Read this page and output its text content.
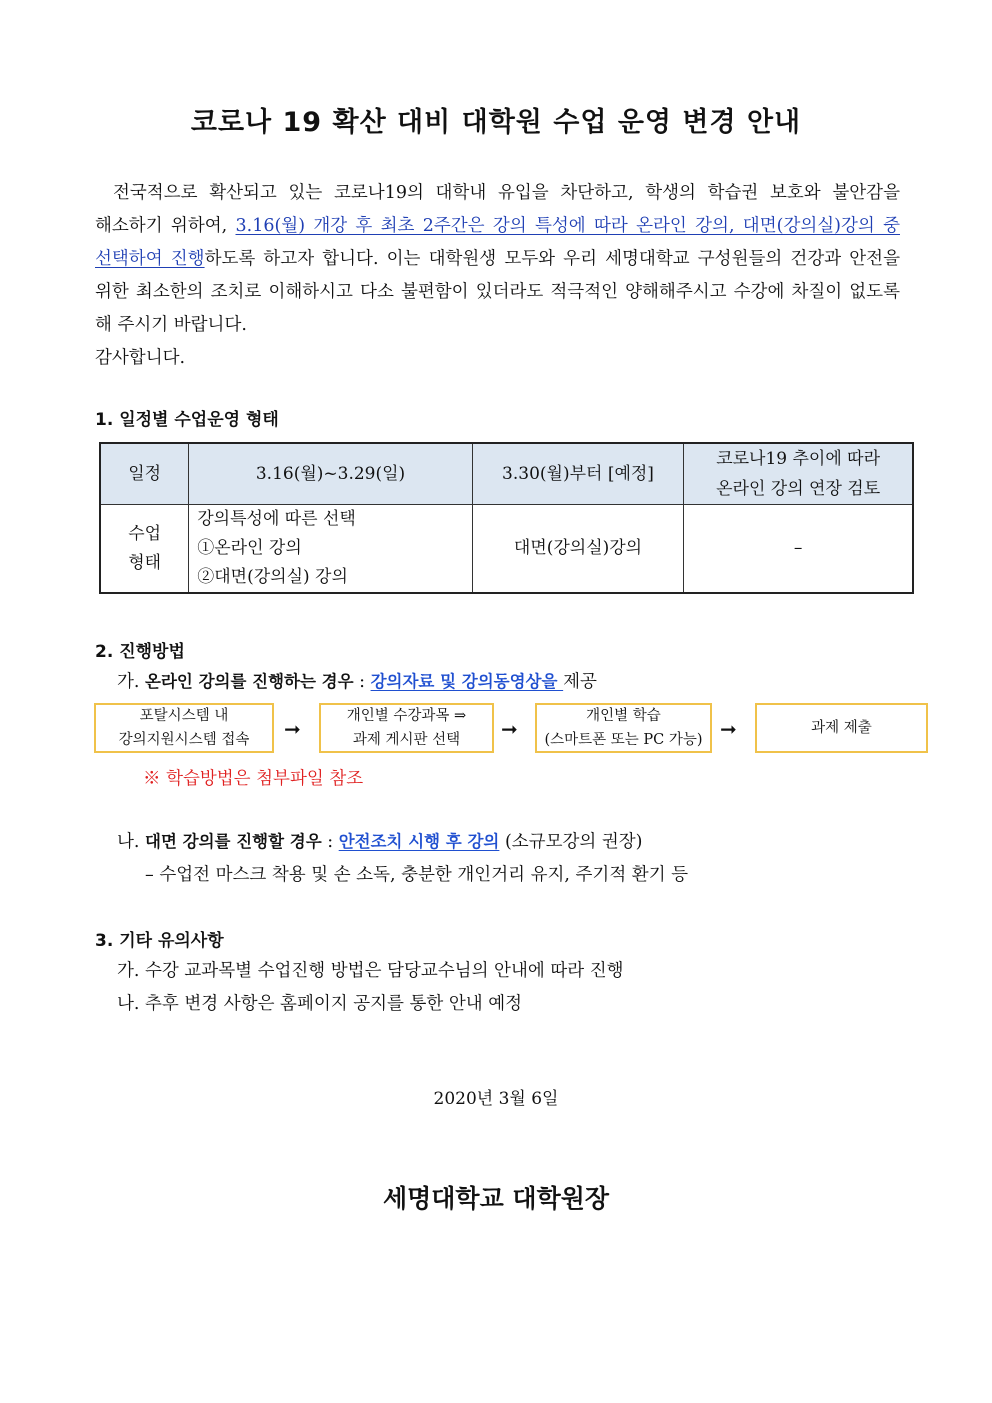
코로나 19 확산 대비 대학원 수업 운영 변경 안내
전국적으로 확산되고 있는 코로나19의 대학내 유입을 차단하고, 학생의 학습권 보호와 불안감을 해소하기 위하여, 3.16(월) 개강 후 최초 2주간은 강의 특성에 따라 온라인 강의, 대면(강의실)강의 중 선택하여 진행하도록 하고자 합니다. 이는 대학원생 모두와 우리 세명대학교 구성원들의 건강과 안전을 위한 최소한의 조치로 이해하시고 다소 불편함이 있더라도 적극적인 양해해주시고 수강에 차질이 없도록 해 주시기 바랍니다.
감사합니다.
1. 일정별 수업운영 형태
일정	3.16(월)~3.29(일)	3.30(월)부터 [예정]	코로나19 추이에 따라
온라인 강의 연장 검토
수업
형태	강의특성에 따른 선택
①온라인 강의
②대면(강의실) 강의	대면(강의실)강의	–
2. 진행방법
가. 온라인 강의를 진행하는 경우 : 강의자료 및 강의동영상을 제공
포탈시스템 내
강의지원시스템 접속 ➞
개인별 수강과목 ⇒
과제 게시판 선택 ➞
개인별 학습
(스마트폰 또는 PC 가능) ➞	과제 제출
※ 학습방법은 첨부파일 참조
나. 대면 강의를 진행할 경우 : 안전조치 시행 후 강의 (소규모강의 권장)
– 수업전 마스크 착용 및 손 소독, 충분한 개인거리 유지, 주기적 환기 등
3. 기타 유의사항
가. 수강 교과목별 수업진행 방법은 담당교수님의 안내에 따라 진행
나. 추후 변경 사항은 홈페이지 공지를 통한 안내 예정
2020년 3월 6일
세명대학교 대학원장
